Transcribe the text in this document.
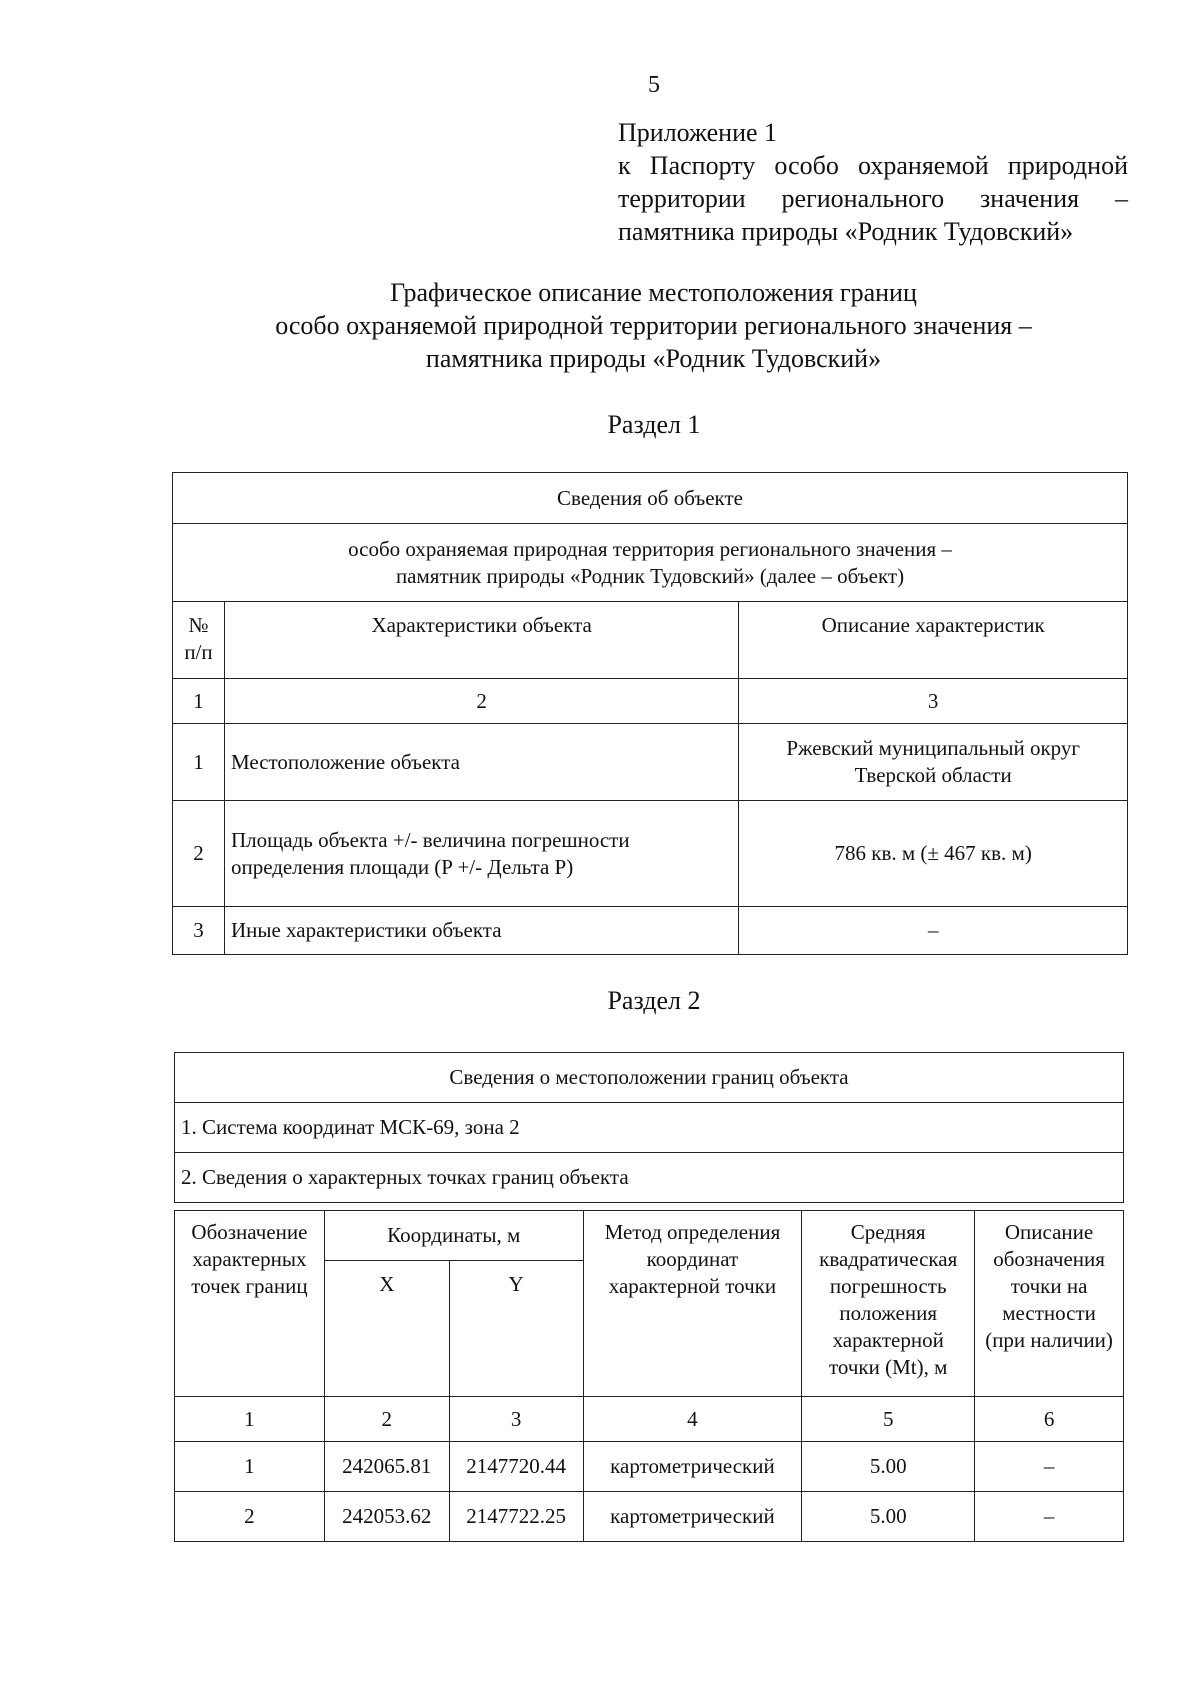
5
Приложение 1
к Паспорту особо охраняемой природной
территории регионального значения –
памятника природы «Родник Тудовский»
Графическое описание местоположения границ
особо охраняемой природной территории регионального значения –
памятника природы «Родник Тудовский»
Раздел 1
Сведения об объекте		

особо охраняемая природная территория регионального значения –
памятник природы «Родник Тудовский» (далее – объект)		

№ п/п	Характеристики объекта	Описание характеристик
1	2	3
1	Местоположение объекта	Ржевский муниципальный округ Тверской области
2	Площадь объекта +/- величина погрешности определения площади (P +/- Дельта P)	786 кв. м (± 467 кв. м)
3	Иные характеристики объекта	–
Раздел 2
Сведения о местоположении границ объекта
1. Система координат МСК-69, зона 2
2. Сведения о характерных точках границ объекта
Обозначение характерных точек границ	Координаты, м		Метод определения координат характерной точки	Средняя квадратическая погрешность положения характерной точки (Mt), м	Описание обозначения точки на местности (при наличии)
	X	Y			
1	2	3	4	5	6
1	242065.81	2147720.44	картометрический	5.00	–
2	242053.62	2147722.25	картометрический	5.00	–
